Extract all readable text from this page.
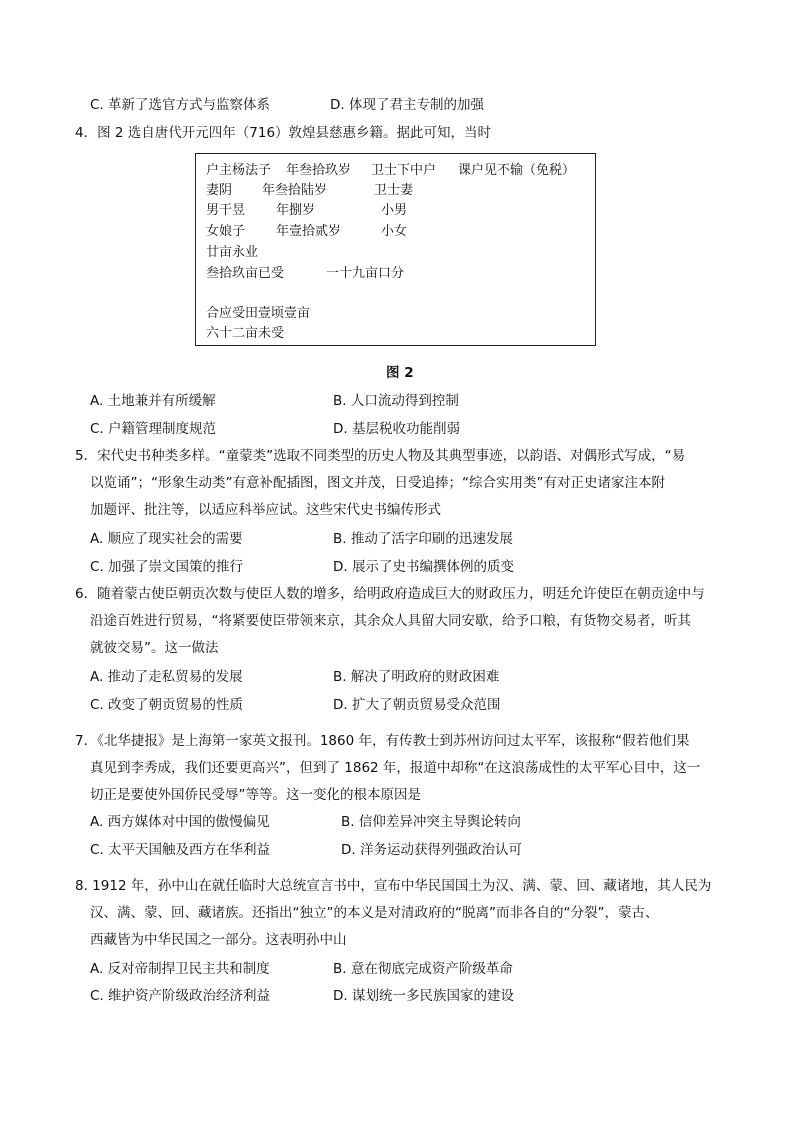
C. 革新了选官方式与监察体系	D. 体现了君主专制的加强
4．图 2 选自唐代开元四年（716）敦煌县慈惠乡籍。据此可知，当时
户主杨法子 年叁拾玖岁 卫士下中户 课户见不输（免税）
妻阴 年叁拾陆岁	卫士妻
男干昱 年捌岁	小男
女娘子 年壹拾贰岁	小女
廿亩永业
叁拾玖亩已受	一十九亩口分
合应受田壹顷壹亩
六十二亩未受
图 2
A. 土地兼并有所缓解	B. 人口流动得到控制
C. 户籍管理制度规范	D. 基层税收功能削弱
5．宋代史书种类多样。“童蒙类”选取不同类型的历史人物及其典型事迹，以韵语、对偶形式写成，“易
以览诵”；“形象生动类”有意补配插图，图文并茂，日受追捧；“综合实用类”有对正史诸家注本附
加题评、批注等，以适应科举应试。这些宋代史书编传形式
A. 顺应了现实社会的需要	B. 推动了活字印刷的迅速发展
C. 加强了崇文国策的推行	D. 展示了史书编撰体例的质变
6．随着蒙古使臣朝贡次数与使臣人数的增多，给明政府造成巨大的财政压力，明廷允许使臣在朝贡途中与
沿途百姓进行贸易，“将紧要使臣带领来京，其余众人具留大同安歇，给予口粮，有货物交易者，听其
就彼交易”。这一做法
A. 推动了走私贸易的发展	B. 解决了明政府的财政困难
C. 改变了朝贡贸易的性质	D. 扩大了朝贡贸易受众范围
7．《北华捷报》是上海第一家英文报刊。1860 年，有传教士到苏州访问过太平军，该报称“假若他们果
真见到李秀成，我们还要更高兴”，但到了 1862 年，报道中却称“在这浪荡成性的太平军心目中，这一
切正是要使外国侨民受辱”等等。这一变化的根本原因是
A. 西方媒体对中国的傲慢偏见	B. 信仰差异冲突主导舆论转向
C. 太平天国触及西方在华利益	D. 洋务运动获得列强政治认可
8. 1912 年，孙中山在就任临时大总统宣言书中，宣布中华民国国土为汉、满、蒙、回、藏诸地，其人民为
汉、满、蒙、回、藏诸族。还指出“独立”的本义是对清政府的“脱离”而非各自的“分裂”，蒙古、
西藏皆为中华民国之一部分。这表明孙中山
A. 反对帝制捍卫民主共和制度	B. 意在彻底完成资产阶级革命
C. 维护资产阶级政治经济利益	D. 谋划统一多民族国家的建设
